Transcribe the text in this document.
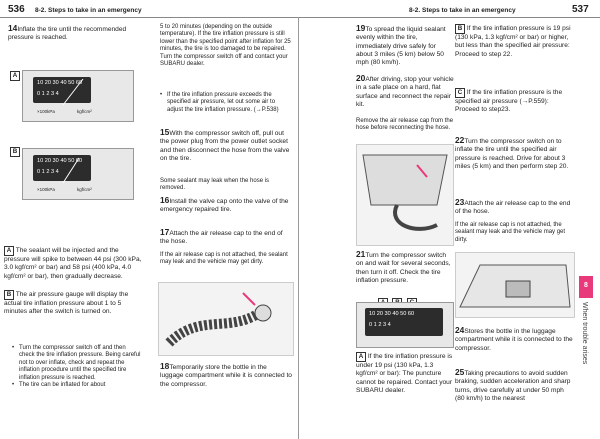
536 8-2. Steps to take in an emergency	8-2. Steps to take in an emergency	537
14Inflate the tire until the recommended pressure is reached.
A
10 20 30 40 50 60
0 1 2 3 4
×100kPa	kgf/cm²
B
10 20 30 40 50 60
0 1 2 3 4
×100kPa	kgf/cm²
A The sealant will be injected and the pressure will spike to between 44 psi (300 kPa, 3.0 kgf/cm² or bar) and 58 psi (400 kPa, 4.0 kgf/cm² or bar), then gradually decrease.
B The air pressure gauge will display the actual tire inflation pressure about 1 to 5 minutes after the switch is turned on.
• Turn the compressor switch off and then check the tire inflation pressure. Being careful not to over inflate, check and repeat the inflation procedure until the specified tire inflation pressure is reached.
• The tire can be inflated for about
5 to 20 minutes (depending on the outside temperature). If the tire inflation pressure is still lower than the specified point after inflation for 25 minutes, the tire is too damaged to be repaired. Turn the compressor switch off and contact your SUBARU dealer.
• If the tire inflation pressure exceeds the specified air pressure, let out some air to adjust the tire inflation pressure. (→P.538)
15With the compressor switch off, pull out the power plug from the power outlet socket and then disconnect the hose from the valve on the tire.
Some sealant may leak when the hose is removed.
16Install the valve cap onto the valve of the emergency repaired tire.
17Attach the air release cap to the end of the hose.
If the air release cap is not attached, the sealant may leak and the vehicle may get dirty.
18Temporarily store the bottle in the luggage compartment while it is connected to the compressor.
19To spread the liquid sealant evenly within the tire, immediately drive safely for about 3 miles (5 km) below 50 mph (80 km/h).
20After driving, stop your vehicle in a safe place on a hard, flat surface and reconnect the repair kit.
Remove the air release cap from the hose before reconnecting the hose.
21Turn the compressor switch on and wait for several seconds, then turn it off. Check the tire inflation pressure.

10 20 30 40 50 60
0 1 2 3 4
A If the tire inflation pressure is under 19 psi (130 kPa, 1.3 kgf/cm² or bar): The puncture cannot be repaired. Contact your SUBARU dealer.
B If the tire inflation pressure is 19 psi (130 kPa, 1.3 kgf/cm² or bar) or higher, but less than the specified air pressure: Proceed to step 22.
C If the tire inflation pressure is the specified air pressure (→P.559): Proceed to step23.
22Turn the compressor switch on to inflate the tire until the specified air pressure is reached. Drive for about 3 miles (5 km) and then perform step 20.
23Attach the air release cap to the end of the hose.
If the air release cap is not attached, the sealant may leak and the vehicle may get dirty.
24Stores the bottle in the luggage compartment while it is connected to the compressor.
25Taking precautions to avoid sudden braking, sudden acceleration and sharp turns, drive carefully at under 50 mph (80 km/h) to the nearest
8
When trouble arises
